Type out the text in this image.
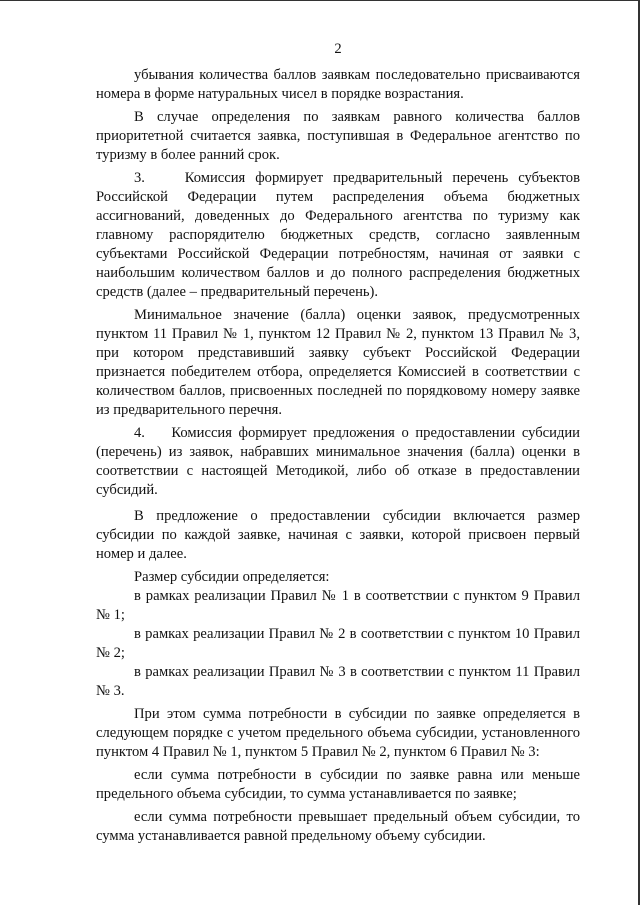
2

убывания количества баллов заявкам последовательно присваиваются номера в форме натуральных чисел в порядке возрастания.

В случае определения по заявкам равного количества баллов приоритетной считается заявка, поступившая в Федеральное агентство по туризму в более ранний срок.

3.    Комиссия формирует предварительный перечень субъектов Российской Федерации путем распределения объема бюджетных ассигнований, доведенных до Федерального агентства по туризму как главному распорядителю бюджетных средств, согласно заявленным субъектами Российской Федерации потребностям, начиная от заявки с наибольшим количеством баллов и до полного распределения бюджетных средств (далее – предварительный перечень).

Минимальное значение (балла) оценки заявок, предусмотренных пунктом 11 Правил № 1, пунктом 12 Правил № 2, пунктом 13 Правил № 3, при котором представивший заявку субъект Российской Федерации признается победителем отбора, определяется Комиссией в соответствии с количеством баллов, присвоенных последней по порядковому номеру заявке из предварительного перечня.

4.    Комиссия формирует предложения о предоставлении субсидии (перечень) из заявок, набравших минимальное значения (балла) оценки в соответствии с настоящей Методикой, либо об отказе в предоставлении субсидий.

В предложение о предоставлении субсидии включается размер субсидии по каждой заявке, начиная с заявки, которой присвоен первый номер и далее.

Размер субсидии определяется:

в рамках реализации Правил № 1 в соответствии с пунктом 9 Правил № 1;

в рамках реализации Правил № 2 в соответствии с пунктом 10 Правил № 2;

в рамках реализации Правил № 3 в соответствии с пунктом 11 Правил № 3.

При этом сумма потребности в субсидии по заявке определяется в следующем порядке с учетом предельного объема субсидии, установленного пунктом 4 Правил № 1, пунктом 5 Правил № 2, пунктом 6 Правил № 3:

если сумма потребности в субсидии по заявке равна или меньше предельного объема субсидии, то сумма устанавливается по заявке;

если сумма потребности превышает предельный объем субсидии, то сумма устанавливается равной предельному объему субсидии.
